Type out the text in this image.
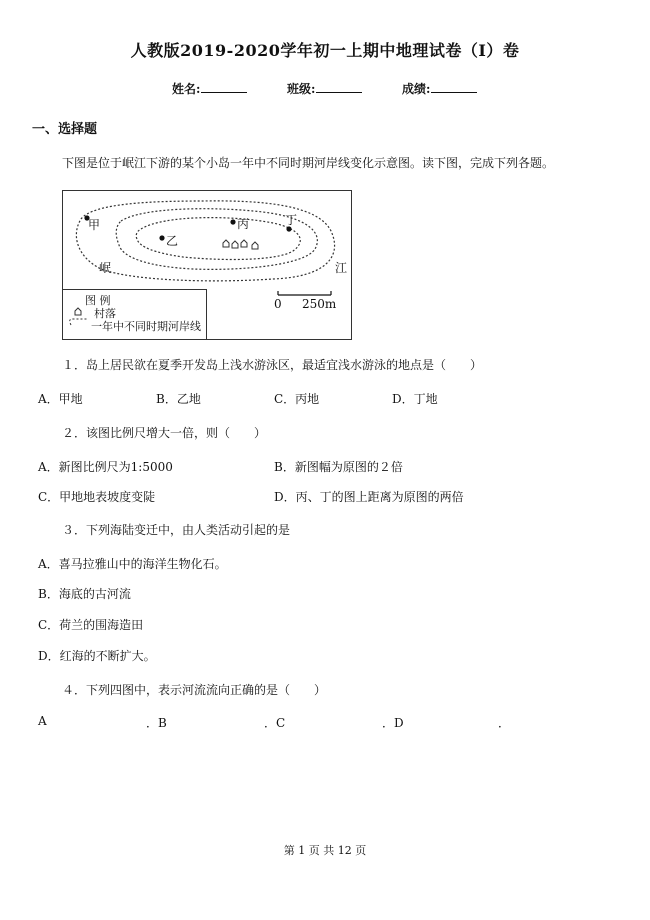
人教版2019-2020学年初一上期中地理试卷（I）卷
姓名:	班级:	成绩:
一、选择题
下图是位于岷江下游的某个小岛一年中不同时期河岸线变化示意图。读下图，完成下列各题。
甲
乙
丙	丁
岷	江
0 250m
图 例
村落
一年中不同时期河岸线
１．岛上居民欲在夏季开发岛上浅水游泳区，最适宜浅水游泳的地点是（　　）
A．甲地	B．乙地	C．丙地	D．丁地
２．该图比例尺增大一倍，则（　　）
A．新图比例尺为1:5000	B．新图幅为原图的２倍
C．甲地地表坡度变陡	D．丙、丁的图上距离为原图的两倍
３．下列海陆变迁中，由人类活动引起的是
A．喜马拉雅山中的海洋生物化石。
B．海底的古河流
C．荷兰的围海造田
D．红海的不断扩大。
４．下列四图中，表示河流流向正确的是（　　）
A	．B	．C	．D	．
第 1 页 共 12 页
